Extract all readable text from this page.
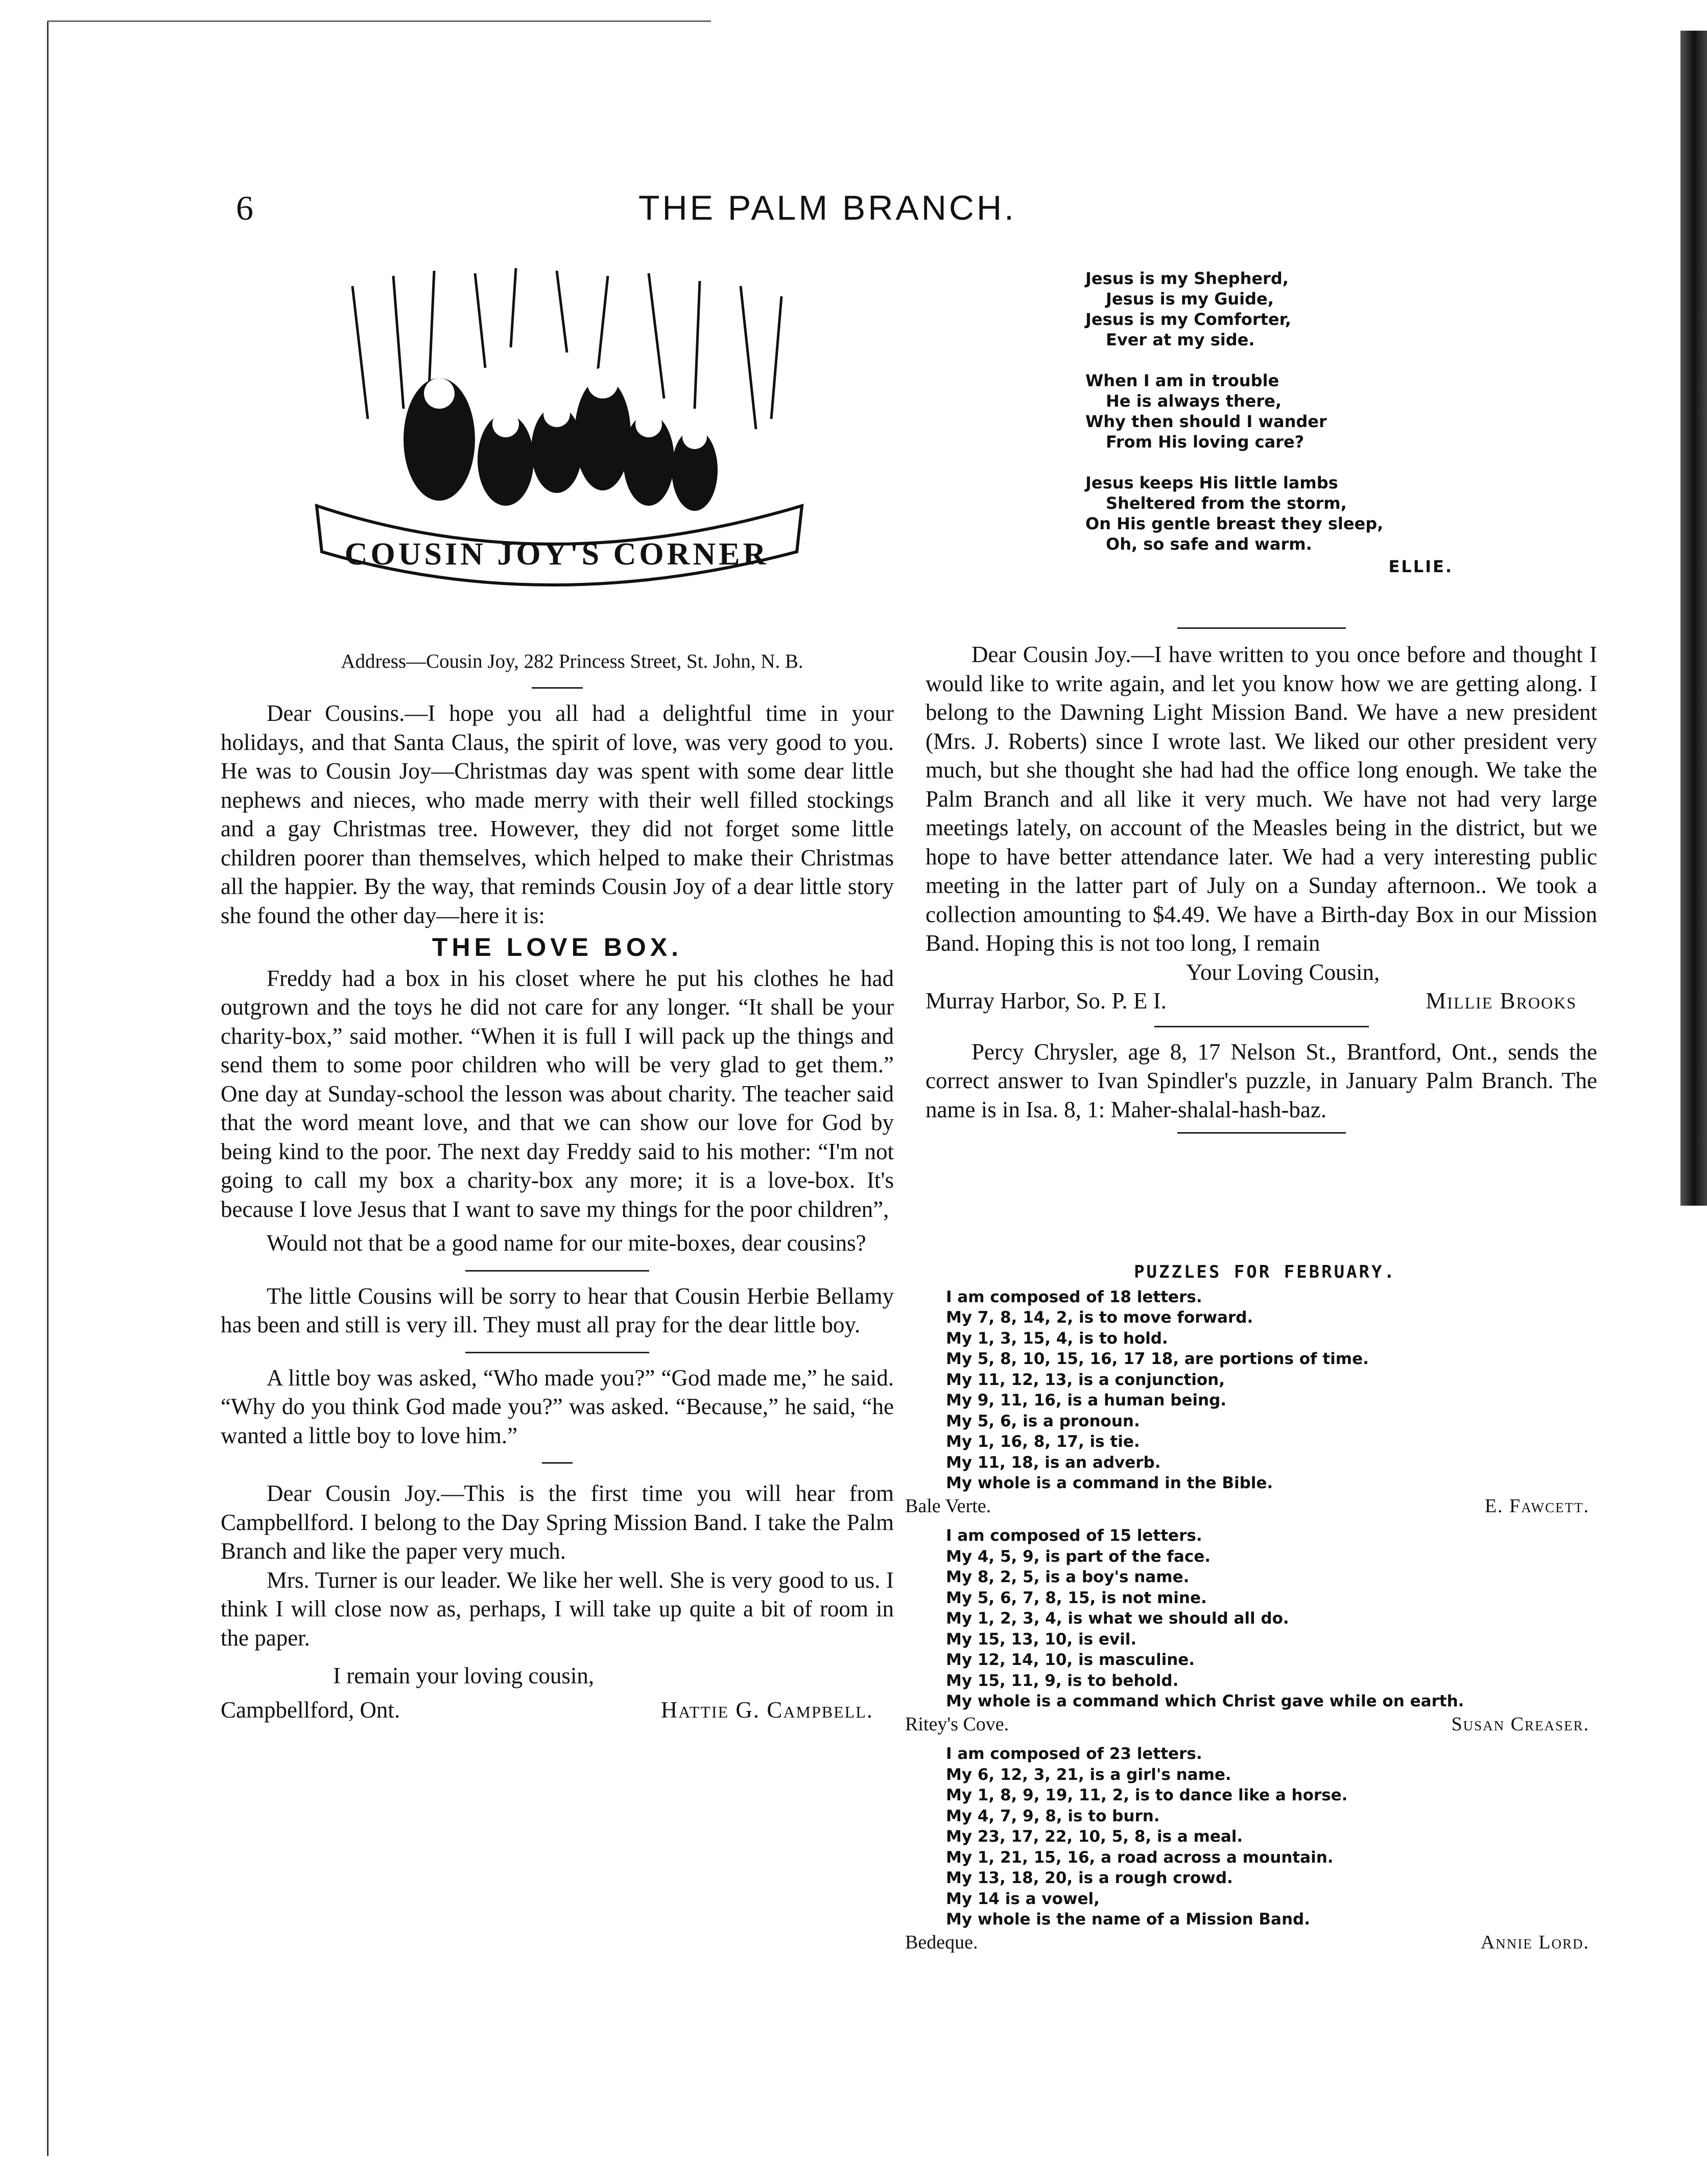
6	THE PALM BRANCH.
COUSIN JOY'S CORNER
Address—Cousin Joy, 282 Princess Street, St. John, N. B.
Jesus is my Shepherd,
Jesus is my Guide,
Jesus is my Comforter,
Ever at my side.
When I am in trouble
He is always there,
Why then should I wander
From His loving care?
Jesus keeps His little lambs
Sheltered from the storm,
On His gentle breast they sleep,
Oh, so safe and warm.
ELLIE.

Dear Cousins.—I hope you all had a delightful time in your holidays, and that Santa Claus, the spirit of love, was very good to you. He was to Cousin Joy—Christmas day was spent with some dear little nephews and nieces, who made merry with their well filled stockings and a gay Christmas tree. However, they did not forget some little children poorer than themselves, which helped to make their Christmas all the happier. By the way, that reminds Cousin Joy of a dear little story she found the other day—here it is:

THE LOVE BOX.

Freddy had a box in his closet where he put his clothes he had outgrown and the toys he did not care for any longer. “It shall be your charity-box,” said mother. “When it is full I will pack up the things and send them to some poor children who will be very glad to get them.” One day at Sunday-school the lesson was about charity. The teacher said that the word meant love, and that we can show our love for God by being kind to the poor. The next day Freddy said to his mother: “I'm not going to call my box a charity-box any more; it is a love-box. It's because I love Jesus that I want to save my things for the poor children”,

Would not that be a good name for our mite-boxes, dear cousins?

The little Cousins will be sorry to hear that Cousin Herbie Bellamy has been and still is very ill. They must all pray for the dear little boy.

A little boy was asked, “Who made you?” “God made me,” he said. “Why do you think God made you?” was asked. “Because,” he said, “he wanted a little boy to love him.”

Dear Cousin Joy.—This is the first time you will hear from Campbellford. I belong to the Day Spring Mission Band. I take the Palm Branch and like the paper very much.

Mrs. Turner is our leader. We like her well. She is very good to us. I think I will close now as, perhaps, I will take up quite a bit of room in the paper.

I remain your loving cousin,

Campbellford, Ont.	Hattie G. Campbell.

Dear Cousin Joy.—I have written to you once before and thought I would like to write again, and let you know how we are getting along. I belong to the Dawning Light Mission Band. We have a new president (Mrs. J. Roberts) since I wrote last. We liked our other president very much, but she thought she had had the office long enough. We take the Palm Branch and all like it very much. We have not had very large meetings lately, on account of the Measles being in the district, but we hope to have better attendance later. We had a very interesting public meeting in the latter part of July on a Sunday afternoon.. We took a collection amounting to $4.49. We have a Birth-day Box in our Mission Band. Hoping this is not too long, I remain

Your Loving Cousin,

Murray Harbor, So. P. E I.	Millie Brooks

Percy Chrysler, age 8, 17 Nelson St., Brantford, Ont., sends the correct answer to Ivan Spindler's puzzle, in January Palm Branch. The name is in Isa. 8, 1: Maher-shalal-hash-baz.

PUZZLES FOR FEBRUARY.
I am composed of 18 letters.
My 7, 8, 14, 2, is to move forward.
My 1, 3, 15, 4, is to hold.
My 5, 8, 10, 15, 16, 17 18, are portions of time.
My 11, 12, 13, is a conjunction,
My 9, 11, 16, is a human being.
My 5, 6, is a pronoun.
My 1, 16, 8, 17, is tie.
My 11, 18, is an adverb.
My whole is a command in the Bible.
Bale Verte.	E. Fawcett.
I am composed of 15 letters.
My 4, 5, 9, is part of the face.
My 8, 2, 5, is a boy's name.
My 5, 6, 7, 8, 15, is not mine.
My 1, 2, 3, 4, is what we should all do.
My 15, 13, 10, is evil.
My 12, 14, 10, is masculine.
My 15, 11, 9, is to behold.
My whole is a command which Christ gave while on earth.
Ritey's Cove.	Susan Creaser.
I am composed of 23 letters.
My 6, 12, 3, 21, is a girl's name.
My 1, 8, 9, 19, 11, 2, is to dance like a horse.
My 4, 7, 9, 8, is to burn.
My 23, 17, 22, 10, 5, 8, is a meal.
My 1, 21, 15, 16, a road across a mountain.
My 13, 18, 20, is a rough crowd.
My 14 is a vowel,
My whole is the name of a Mission Band.
Bedeque.	Annie Lord.
